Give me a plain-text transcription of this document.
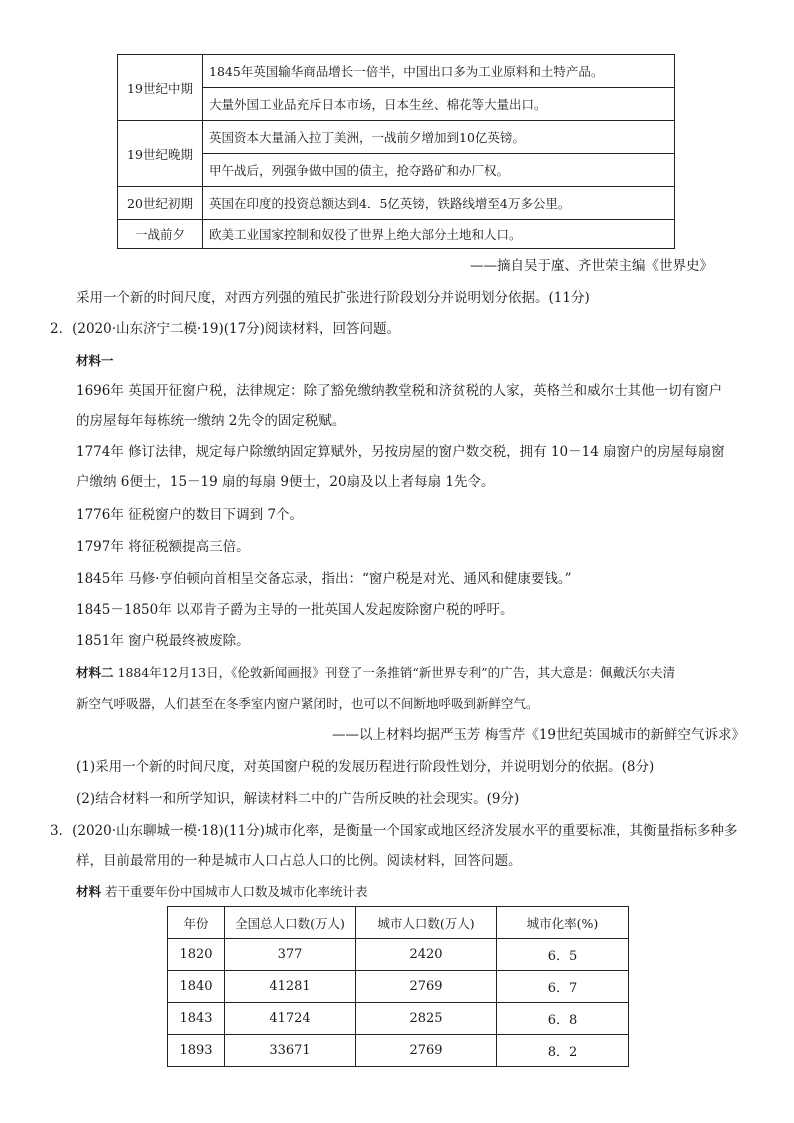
19世纪中期	1845年英国输华商品增长一倍半，中国出口多为工业原料和土特产品。
	大量外国工业品充斥日本市场，日本生丝、棉花等大量出口。
19世纪晚期	英国资本大量涌入拉丁美洲，一战前夕增加到10亿英镑。
	甲午战后，列强争做中国的债主，抢夺路矿和办厂权。
20世纪初期	英国在印度的投资总额达到4．5亿英镑，铁路线增至4万多公里。
一战前夕	欧美工业国家控制和奴役了世界上绝大部分土地和人口。
——摘自吴于廑、齐世荣主编《世界史》
采用一个新的时间尺度，对西方列强的殖民扩张进行阶段划分并说明划分依据。(11分)
2．(2020·山东济宁二模·19)(17分)阅读材料，回答问题。
材料一
1696年 英国开征窗户税，法律规定：除了豁免缴纳教堂税和济贫税的人家，英格兰和威尔士其他一切有窗户
的房屋每年每栋统一缴纳 2先令的固定税赋。
1774年 修订法律，规定每户除缴纳固定算赋外，另按房屋的窗户数交税，拥有 10－14 扇窗户的房屋每扇窗
户缴纳 6便士，15－19 扇的每扇 9便士，20扇及以上者每扇 1先令。
1776年 征税窗户的数目下调到 7个。
1797年 将征税额提高三倍。
1845年 马修·亨伯顿向首相呈交备忘录，指出：“窗户税是对光、通风和健康要钱。”
1845－1850年 以邓肯子爵为主导的一批英国人发起废除窗户税的呼吁。
1851年 窗户税最终被废除。
材料二 1884年12月13日，《伦敦新闻画报》刊登了一条推销“新世界专利”的广告，其大意是：佩戴沃尔夫清
新空气呼吸器，人们甚至在冬季室内窗户紧闭时，也可以不间断地呼吸到新鲜空气。
——以上材料均据严玉芳 梅雪芹《19世纪英国城市的新鲜空气诉求》
(1)采用一个新的时间尺度，对英国窗户税的发展历程进行阶段性划分，并说明划分的依据。(8分)
(2)结合材料一和所学知识，解读材料二中的广告所反映的社会现实。(9分)
3．(2020·山东聊城一模·18)(11分)城市化率，是衡量一个国家或地区经济发展水平的重要标准，其衡量指标多种多
样，目前最常用的一种是城市人口占总人口的比例。阅读材料，回答问题。
材料 若干重要年份中国城市人口数及城市化率统计表
年份	全国总人口数(万人)	城市人口数(万人)	城市化率(%)
1820	377	2420	6．5
1840	41281	2769	6．7
1843	41724	2825	6．8
1893	33671	2769	8．2
